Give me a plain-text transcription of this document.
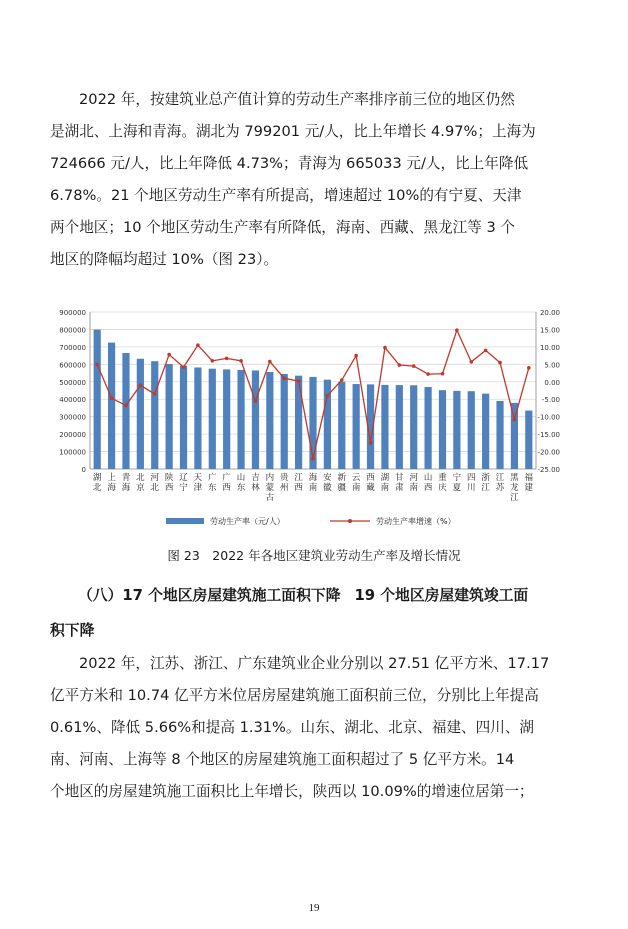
2022 年，按建筑业总产值计算的劳动生产率排序前三位的地区仍然
是湖北、上海和青海。湖北为 799201 元/人，比上年增长 4.97%；上海为
724666 元/人，比上年降低 4.73%；青海为 665033 元/人，比上年降低
6.78%。21 个地区劳动生产率有所提高，增速超过 10%的有宁夏、天津
两个地区；10 个地区劳动生产率有所降低，海南、西藏、黑龙江等 3 个
地区的降幅均超过 10%（图 23）。
900000
800000
700000
600000
500000
400000
300000
200000
100000
0
20.00
15.00
10.00
5.00
0.00
-5.00
-10.00
-15.00
-20.00
-25.00
湖北
上海
青海
北京
河北
陕西
辽宁
天津
广东
广西
山东
吉林
内蒙古
贵州
江西
海南
安徽
新疆
云南
西藏
湖南
甘肃
河南
山西
重庆
宁夏
四川
浙江
江苏
黑龙江
福建
劳动生产率（元/人）	劳动生产率增速（%）
图 23　2022 年各地区建筑业劳动生产率及增长情况
（八）17 个地区房屋建筑施工面积下降 19 个地区房屋建筑竣工面
积下降
2022 年，江苏、浙江、广东建筑业企业分别以 27.51 亿平方米、17.17
亿平方米和 10.74 亿平方米位居房屋建筑施工面积前三位，分别比上年提高
0.61%、降低 5.66%和提高 1.31%。山东、湖北、北京、福建、四川、湖
南、河南、上海等 8 个地区的房屋建筑施工面积超过了 5 亿平方米。14
个地区的房屋建筑施工面积比上年增长，陕西以 10.09%的增速位居第一；
19
